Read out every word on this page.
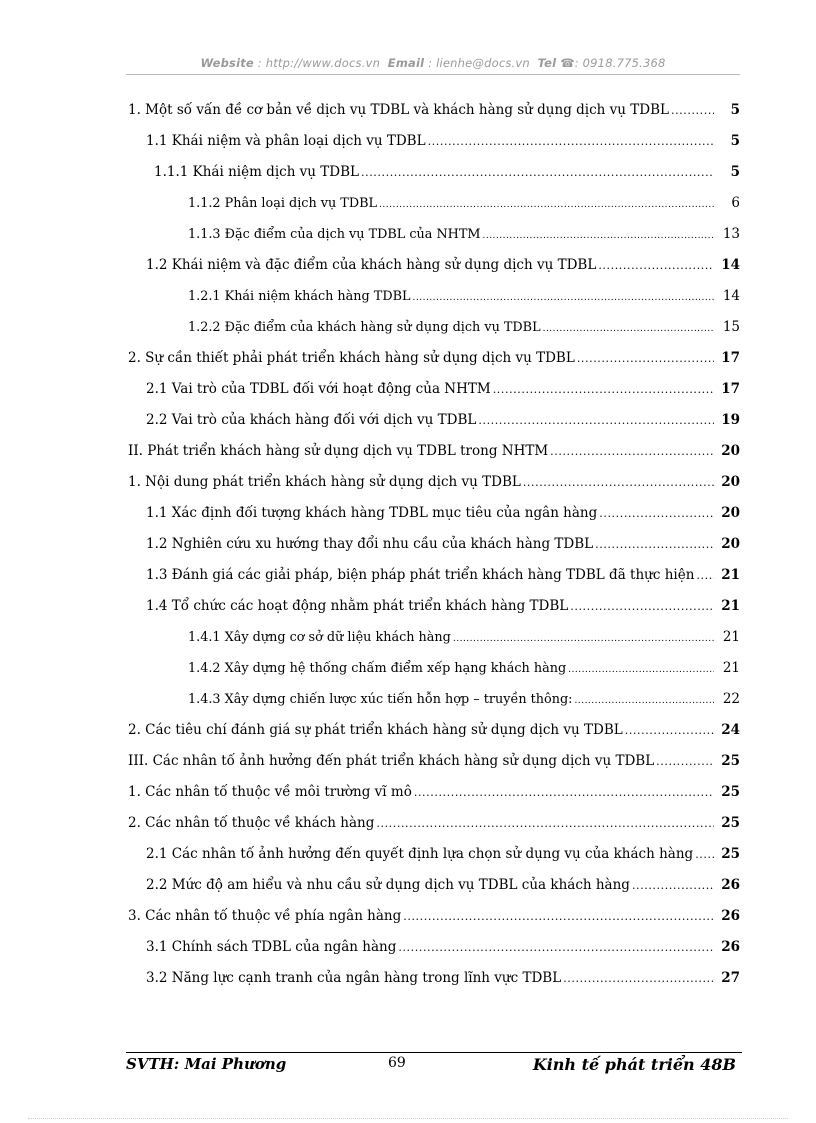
Website : http://www.docs.vn Email : lienhe@docs.vn Tel ☎: 0918.775.368
1. Một số vấn đề cơ bản về dịch vụ TDBL và khách hàng sử dụng dịch vụ TDBL .....	5
1.1 Khái niệm và phân loại dịch vụ TDBL .....	5
1.1.1 Khái niệm dịch vụ TDBL .....	5
1.1.2 Phân loại dịch vụ TDBL .....	6
1.1.3 Đặc điểm của dịch vụ TDBL của NHTM .....	13
1.2 Khái niệm và đặc điểm của khách hàng sử dụng dịch vụ TDBL .....	14
1.2.1 Khái niệm khách hàng TDBL .....	14
1.2.2 Đặc điểm của khách hàng sử dụng dịch vụ TDBL .....	15
2. Sự cần thiết phải phát triển khách hàng sử dụng dịch vụ TDBL .....	17
2.1 Vai trò của TDBL đối với hoạt động của NHTM .....	17
2.2 Vai trò của khách hàng đối với dịch vụ TDBL .....	19
II. Phát triển khách hàng sử dụng dịch vụ TDBL trong NHTM .....	20
1. Nội dung phát triển khách hàng sử dụng dịch vụ TDBL .....	20
1.1 Xác định đối tượng khách hàng TDBL mục tiêu của ngân hàng .....	20
1.2 Nghiên cứu xu hướng thay đổi nhu cầu của khách hàng TDBL .....	20
1.3 Đánh giá các giải pháp, biện pháp phát triển khách hàng TDBL đã thực hiện ..... 21
1.4 Tổ chức các hoạt động nhằm phát triển khách hàng TDBL .....	21
1.4.1 Xây dựng cơ sở dữ liệu khách hàng .....	21
1.4.2 Xây dựng hệ thống chấm điểm xếp hạng khách hàng .....	21
1.4.3 Xây dựng chiến lược xúc tiến hỗn hợp – truyền thông: .....	22
2. Các tiêu chí đánh giá sự phát triển khách hàng sử dụng dịch vụ TDBL .....	24
III. Các nhân tố ảnh hưởng đến phát triển khách hàng sử dụng dịch vụ TDBL .....	25
1. Các nhân tố thuộc về môi trường vĩ mô .....	25
2. Các nhân tố thuộc về khách hàng .....	25
2.1 Các nhân tố ảnh hưởng đến quyết định lựa chọn sử dụng vụ của khách hàng ..... 25
2.2 Mức độ am hiểu và nhu cầu sử dụng dịch vụ TDBL của khách hàng .....	26
3. Các nhân tố thuộc về phía ngân hàng .....	26
3.1 Chính sách TDBL của ngân hàng .....	26
3.2 Năng lực cạnh tranh của ngân hàng trong lĩnh vực TDBL .....	27
SVTH: Mai Phương	69	Kinh tế phát triển 48B
